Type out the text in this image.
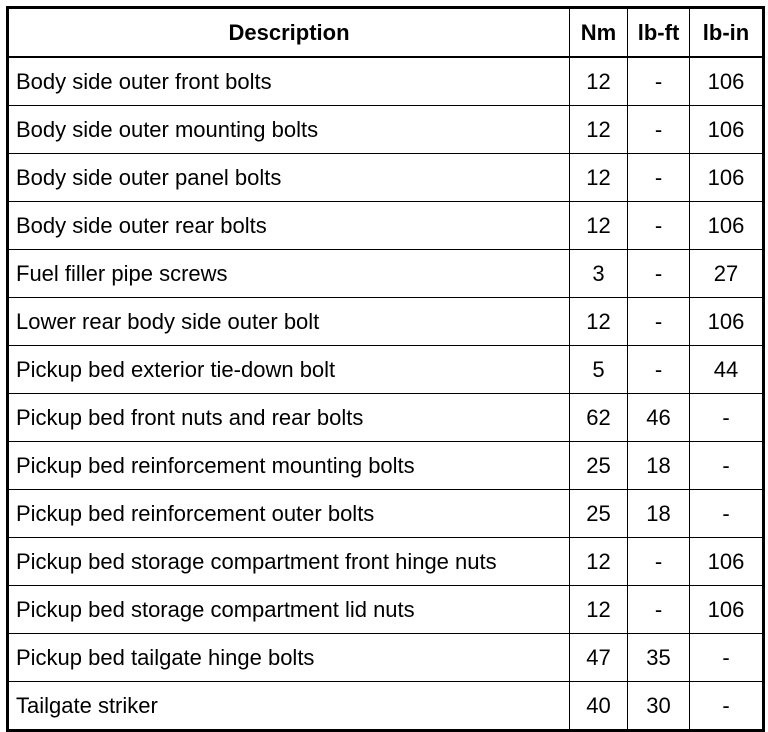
Description	Nm	lb-ft	lb-in
Body side outer front bolts	12	-	106
Body side outer mounting bolts	12	-	106
Body side outer panel bolts	12	-	106
Body side outer rear bolts	12	-	106
Fuel filler pipe screws	3	-	27
Lower rear body side outer bolt	12	-	106
Pickup bed exterior tie-down bolt	5	-	44
Pickup bed front nuts and rear bolts	62	46	-
Pickup bed reinforcement mounting bolts	25	18	-
Pickup bed reinforcement outer bolts	25	18	-
Pickup bed storage compartment front hinge nuts	12	-	106
Pickup bed storage compartment lid nuts	12	-	106
Pickup bed tailgate hinge bolts	47	35	-
Tailgate striker	40	30	-
